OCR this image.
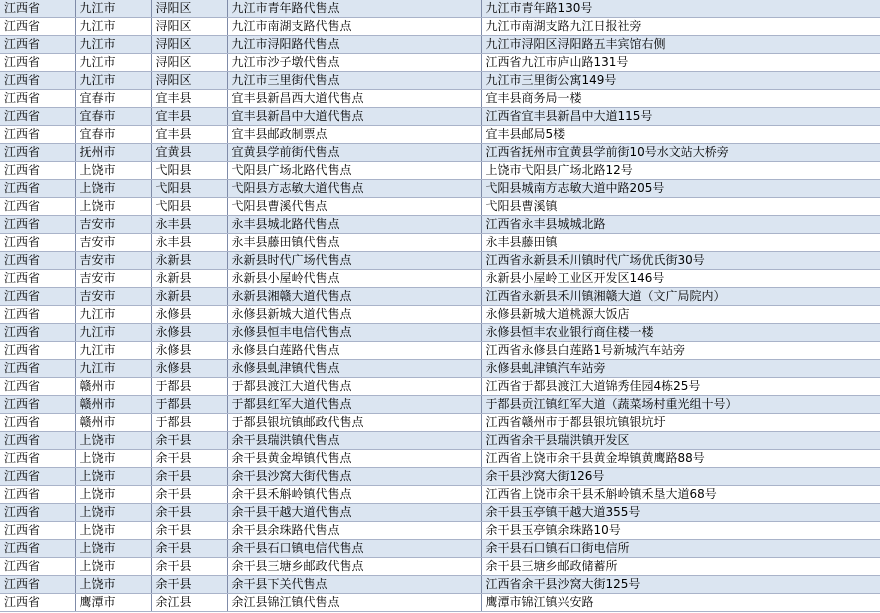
江西省	九江市	浔阳区	九江市青年路代售点	九江市青年路130号
江西省	九江市	浔阳区	九江市南湖支路代售点	九江市南湖支路九江日报社旁
江西省	九江市	浔阳区	九江市浔阳路代售点	九江市浔阳区浔阳路五丰宾馆右侧
江西省	九江市	浔阳区	九江市沙子墩代售点	江西省九江市庐山路131号
江西省	九江市	浔阳区	九江市三里街代售点	九江市三里街公寓149号
江西省	宜春市	宜丰县	宜丰县新昌西大道代售点	宜丰县商务局一楼
江西省	宜春市	宜丰县	宜丰县新昌中大道代售点	江西省宜丰县新昌中大道115号
江西省	宜春市	宜丰县	宜丰县邮政制票点	宜丰县邮局5楼
江西省	抚州市	宜黄县	宜黄县学前街代售点	江西省抚州市宜黄县学前街10号水文站大桥旁
江西省	上饶市	弋阳县	弋阳县广场北路代售点	上饶市弋阳县广场北路12号
江西省	上饶市	弋阳县	弋阳县方志敏大道代售点	弋阳县城南方志敏大道中路205号
江西省	上饶市	弋阳县	弋阳县曹溪代售点	弋阳县曹溪镇
江西省	吉安市	永丰县	永丰县城北路代售点	江西省永丰县城城北路
江西省	吉安市	永丰县	永丰县藤田镇代售点	永丰县藤田镇
江西省	吉安市	永新县	永新县时代广场代售点	江西省永新县禾川镇时代广场优氏街30号
江西省	吉安市	永新县	永新县小屋岭代售点	永新县小屋岭工业区开发区146号
江西省	吉安市	永新县	永新县湘赣大道代售点	江西省永新县禾川镇湘赣大道（文广局院内）
江西省	九江市	永修县	永修县新城大道代售点	永修县新城大道桃源大饭店
江西省	九江市	永修县	永修县恒丰电信代售点	永修县恒丰农业银行商住楼一楼
江西省	九江市	永修县	永修县白莲路代售点	江西省永修县白莲路1号新城汽车站旁
江西省	九江市	永修县	永修县虬津镇代售点	永修县虬津镇汽车站旁
江西省	赣州市	于都县	于都县渡江大道代售点	江西省于都县渡江大道锦秀佳园4栋25号
江西省	赣州市	于都县	于都县红军大道代售点	于都县贡江镇红军大道（蔬菜场村重光组十号）
江西省	赣州市	于都县	于都县银坑镇邮政代售点	江西省赣州市于都县银坑镇银坑圩
江西省	上饶市	余干县	余干县瑞洪镇代售点	江西省余干县瑞洪镇开发区
江西省	上饶市	余干县	余干县黄金埠镇代售点	江西省上饶市余干县黄金埠镇黄鹰路88号
江西省	上饶市	余干县	余干县沙窝大街代售点	余干县沙窝大街126号
江西省	上饶市	余干县	余干县禾斛岭镇代售点	江西省上饶市余干县禾斛岭镇禾垦大道68号
江西省	上饶市	余干县	余干县干越大道代售点	余干县玉亭镇干越大道355号
江西省	上饶市	余干县	余干县余珠路代售点	余干县玉亭镇余珠路10号
江西省	上饶市	余干县	余干县石口镇电信代售点	余干县石口镇石口街电信所
江西省	上饶市	余干县	余干县三塘乡邮政代售点	余干县三塘乡邮政储蓄所
江西省	上饶市	余干县	余干县下关代售点	江西省余干县沙窝大街125号
江西省	鹰潭市	余江县	余江县锦江镇代售点	鹰潭市锦江镇兴安路
